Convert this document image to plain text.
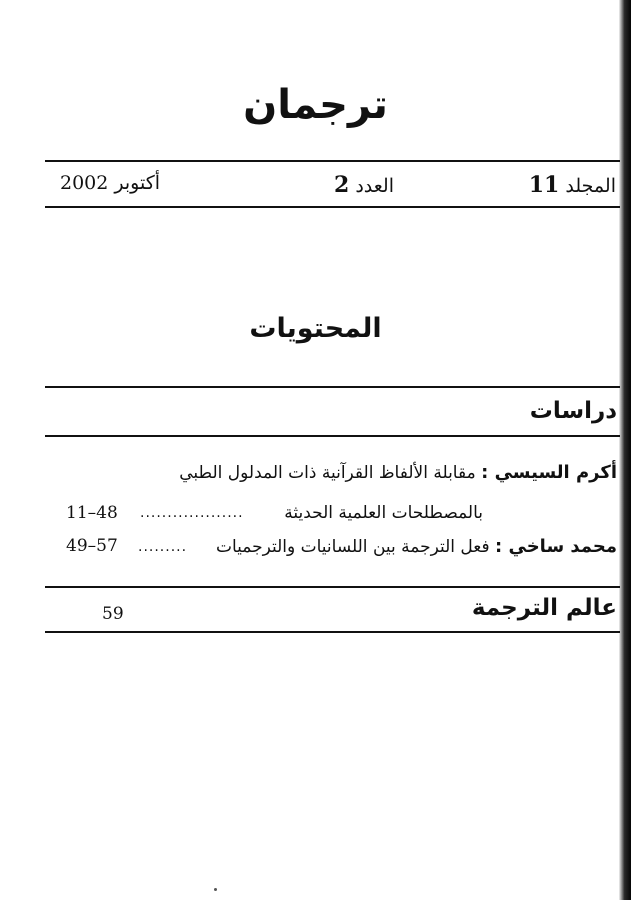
ترجمان
المجلد 11
العدد 2
أكتوبر 2002
المحتويات
دراسات
أكرم السيسي : مقابلة الألفاظ القرآنية ذات المدلول الطبي
بالمصطلحات العلمية الحديثة
...................
11–48
محمد ساخي : فعل الترجمة بين اللسانيات والترجميات
.........
49–57
عالم الترجمة
59
